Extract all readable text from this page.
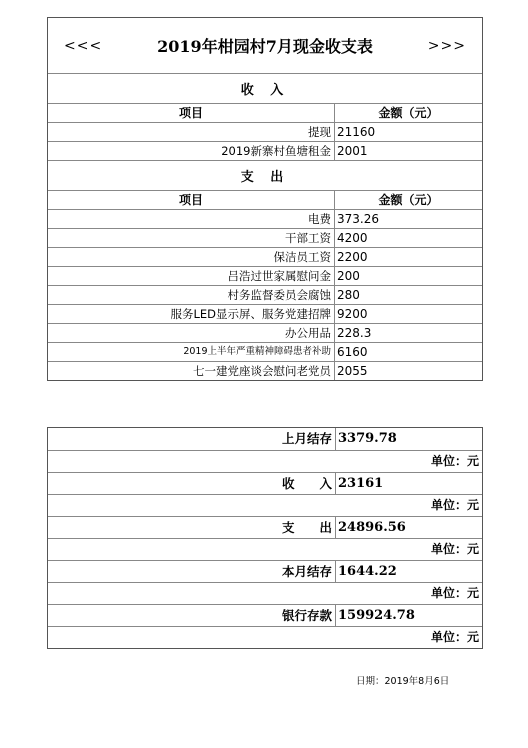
<<<	2019年柑园村7月现金收支表	>>>
收 入
项目	金额（元）
提现 21160
2019新寨村鱼塘租金 2001
支 出
项目	金额（元）
电费 373.26
干部工资 4200
保洁员工资 2200
吕浩过世家属慰问金 200
村务监督委员会腐蚀 280
服务LED显示屏、服务党建招牌 9200
办公用品 228.3
2019上半年严重精神障碍患者补助 6160
七一建党座谈会慰问老党员 2055
上月结存 3379.78
单位：元
收　　入 23161
单位：元
支　　出 24896.56
单位：元
本月结存 1644.22
单位：元
银行存款 159924.78
单位：元
日期：2019年8月6日
